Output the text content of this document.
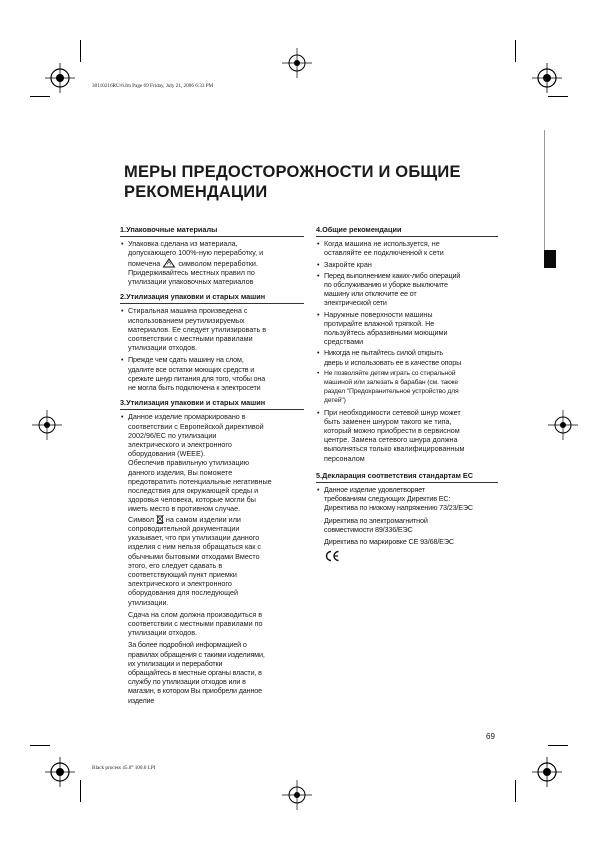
30110216RU/6.fm Page 69 Friday, July 21, 2006 6:33 PM
Black process 45.0° 100.0 LPI
МЕРЫ ПРЕДОСТОРОЖНОСТИ И ОБЩИЕ
РЕКОМЕНДАЦИИ
1.Упаковочные материалы
• Упаковка сделана из материала,
допускающего 100%-ную переработку, и
помечена	символом переработки.
Придерживайтесь местных правил по
утилизации упаковочных материалов
2.Утилизация упаковки и старых машин
• Стиральная машина произведена с
использованием реутилизируемых
материалов. Ее следует утилизировать в
соответствии с местными правилами
утилизации отходов.
• Прежде чем сдать машину на слом,
удалите все остатки моющих средств и
срежьте шнур питания для того, чтобы она
не могла быть подключена к электросети
3.Утилизация упаковки и старых машин
• Данное изделие промаркировано в
соответствии с Европейской директивой
2002/96/EC по утилизации
электрического и электронного
оборудования (WEEE).
Обеспечив правильную утилизацию
данного изделия, Вы поможете
предотвратить потенциальные негативные
последствия для окружающей среды и
здоровья человека, которые могли бы
иметь место в противном случае.
Символ на самом изделии или
сопроводительной документации
указывает, что при утилизации данного
изделия с ним нельзя обращаться как с
обычными бытовыми отходами Вместо
этого, его следует сдавать в
соответствующий пункт приемки
электрического и электронного
оборудования для последующей
утилизации.

Сдача на слом должна производиться в
соответствии с местными правилами по
утилизации отходов.

За более подробной информацией о
правилах обращения с такими изделиями,
их утилизации и переработки
обращайтесь в местные органы власти, в
службу по утилизации отходов или в
магазин, в котором Вы приобрели данное
изделие

4.Общие рекомендации
• Когда машина не используется, не
оставляйте ее подключенной к сети
• Закройте кран
• Перед выполнением каких-либо операций
по обслуживанию и уборке выключите
машину или отключите ее от
электрической сети
• Наружные поверхности машины
протирайте влажной тряпкой. Не
пользуйтесь абразивными моющими
средствами
• Никогда не пытайтесь силой открыть
дверь и использовать ее в качестве опоры
• Не позволяйте детям играть со стиральной
машиной или залезать в барабан (см. также
раздел "Предохранительное устройство для
детей")
• При необходимости сетевой шнур может
быть заменен шнуром такого же типа,
который можно приобрести в сервисном
центре. Замена сетевого шнура должна
выполняться только квалифицированным
персоналом
5.Декларация соответствия стандартам ЕС
• Данное изделие удовлетворяет
требованиям следующих Директив ЕС:
Директива по низкому напряжению 73/23/ЕЭС

Директива по электромагнитной
совместимости 89/336/ЕЭС

Директива по маркировке CE 93/68/ЕЭС

69
